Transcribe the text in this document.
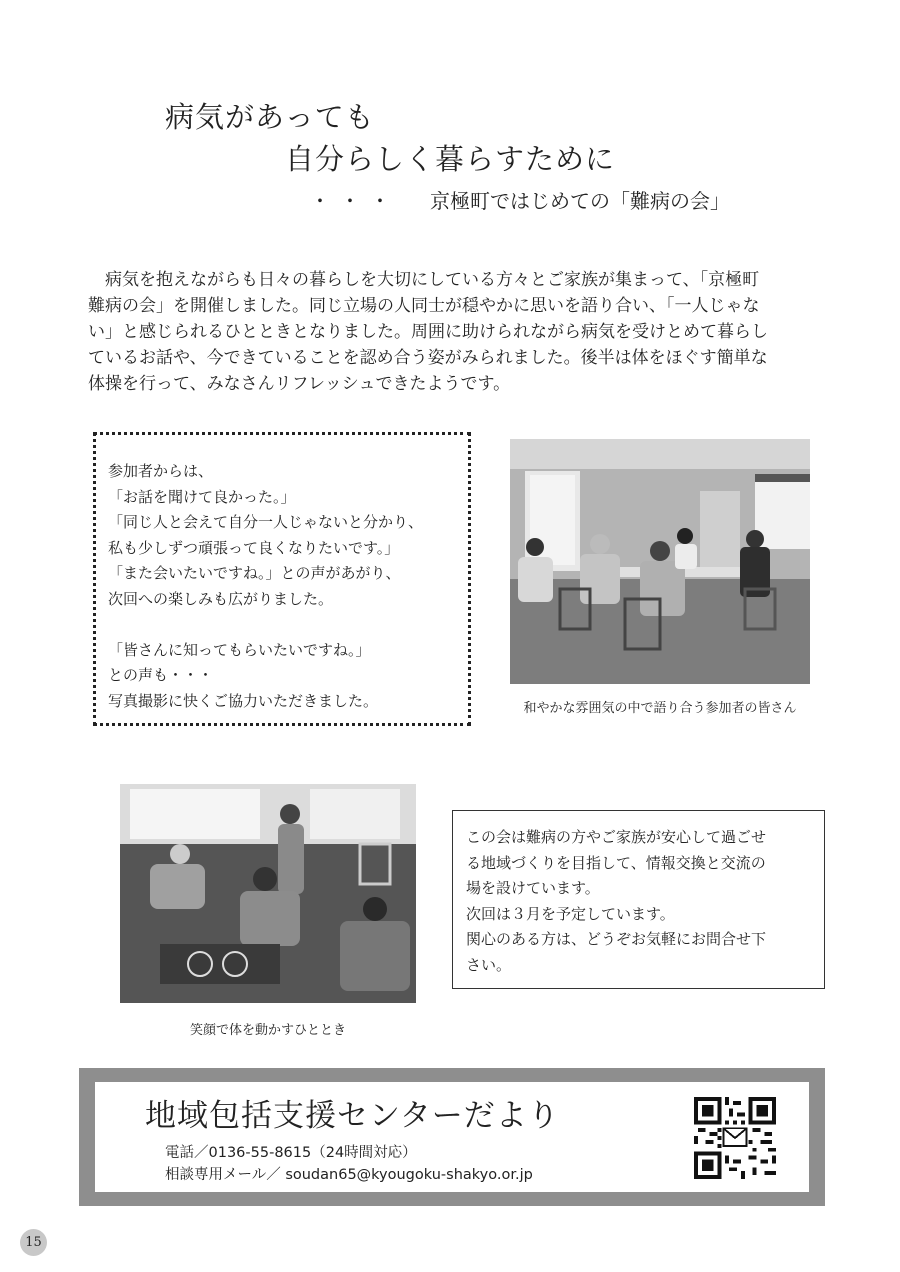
病気があっても
自分らしく暮らすために
・・・ 京極町ではじめての「難病の会」

病気を抱えながらも日々の暮らしを大切にしている方々とご家族が集まって、「京極町

難病の会」を開催しました。同じ立場の人同士が穏やかに思いを語り合い、「一人じゃな

い」と感じられるひとときとなりました。周囲に助けられながら病気を受けとめて暮らし

ているお話や、今できていることを認め合う姿がみられました。後半は体をほぐす簡単な

体操を行って、みなさんリフレッシュできたようです。

参加者からは、

「お話を聞けて良かった。」

「同じ人と会えて自分一人じゃないと分かり、

私も少しずつ頑張って良くなりたいです。」

「また会いたいですね。」との声があがり、

次回への楽しみも広がりました。

「皆さんに知ってもらいたいですね。」

との声も・・・

写真撮影に快くご協力いただきました。	和やかな雰囲気の中で語り合う参加者の皆さん
笑顔で体を動かすひととき

この会は難病の方やご家族が安心して過ごせ

る地域づくりを目指して、情報交換と交流の

場を設けています。

次回は３月を予定しています。

関心のある方は、どうぞお気軽にお問合せ下

さい。

地域包括支援センターだより
電話／0136-55-8615（24時間対応）
相談専用メール／ soudan65@kyougoku-shakyo.or.jp
15
